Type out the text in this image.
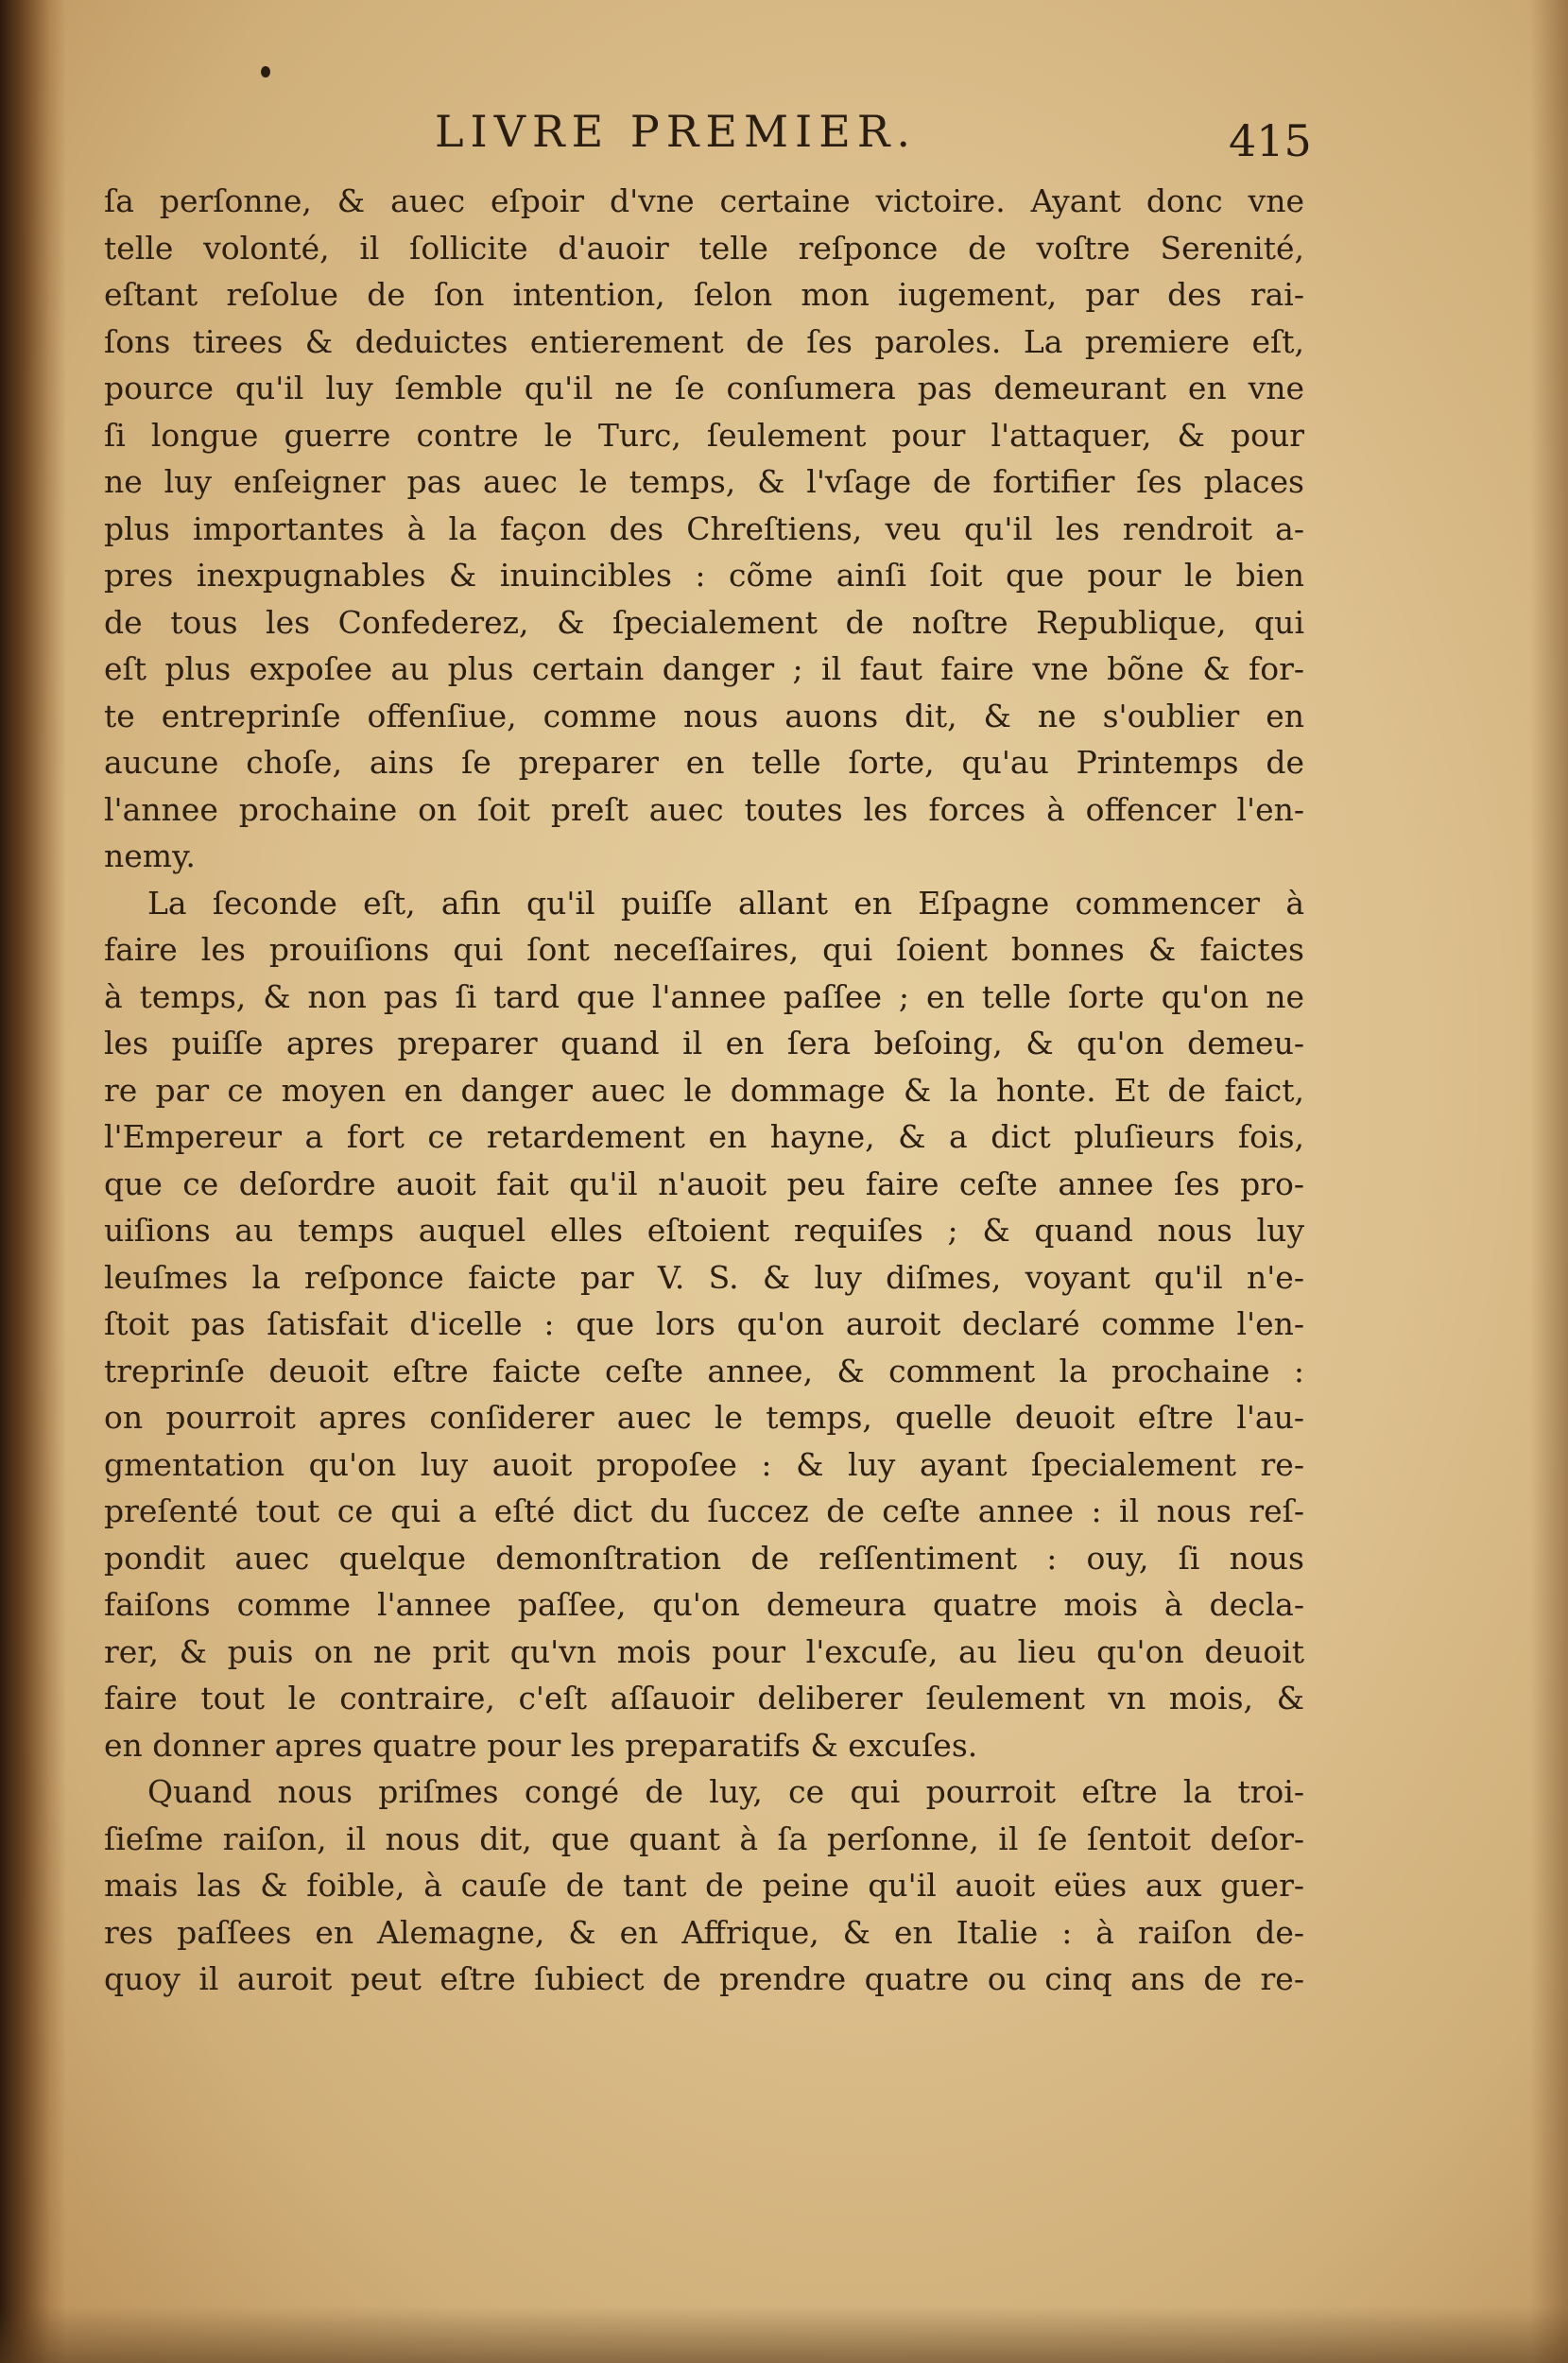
LIVRE PREMIER.	415
ſa perſonne, & auec eſpoir d'vne certaine victoire. Ayant donc vne
telle volonté, il ſollicite d'auoir telle reſponce de voſtre Serenité,
eſtant reſolue de ſon intention, ſelon mon iugement, par des rai-
ſons tirees & deduictes entierement de ſes paroles. La premiere eſt,
pource qu'il luy ſemble qu'il ne ſe conſumera pas demeurant en vne
ſi longue guerre contre le Turc, ſeulement pour l'attaquer, & pour
ne luy enſeigner pas auec le temps, & l'vſage de fortifier ſes places
plus importantes à la façon des Chreſtiens, veu qu'il les rendroit a-
pres inexpugnables & inuincibles : cõme ainſi ſoit que pour le bien
de tous les Confederez, & ſpecialement de noſtre Republique, qui
eſt plus expoſee au plus certain danger ; il faut faire vne bõne & for-
te entreprinſe offenſiue, comme nous auons dit, & ne s'oublier en
aucune choſe, ains ſe preparer en telle ſorte, qu'au Printemps de
l'annee prochaine on ſoit preſt auec toutes les forces à offencer l'en-
nemy.
La ſeconde eſt, afin qu'il puiſſe allant en Eſpagne commencer à
faire les prouiſions qui ſont neceſſaires, qui ſoient bonnes & faictes
à temps, & non pas ſi tard que l'annee paſſee ; en telle ſorte qu'on ne
les puiſſe apres preparer quand il en ſera beſoing, & qu'on demeu-
re par ce moyen en danger auec le dommage & la honte. Et de faict,
l'Empereur a fort ce retardement en hayne, & a dict pluſieurs fois,
que ce deſordre auoit fait qu'il n'auoit peu faire ceſte annee ſes pro-
uiſions au temps auquel elles eſtoient requiſes ; & quand nous luy
leuſmes la reſponce faicte par V. S. & luy diſmes, voyant qu'il n'e-
ſtoit pas ſatisfait d'icelle : que lors qu'on auroit declaré comme l'en-
treprinſe deuoit eſtre faicte ceſte annee, & comment la prochaine :
on pourroit apres conſiderer auec le temps, quelle deuoit eſtre l'au-
gmentation qu'on luy auoit propoſee : & luy ayant ſpecialement re-
preſenté tout ce qui a eſté dict du ſuccez de ceſte annee : il nous reſ-
pondit auec quelque demonſtration de reſſentiment : ouy, ſi nous
faiſons comme l'annee paſſee, qu'on demeura quatre mois à decla-
rer, & puis on ne prit qu'vn mois pour l'excuſe, au lieu qu'on deuoit
faire tout le contraire, c'eſt aſſauoir deliberer ſeulement vn mois, &
en donner apres quatre pour les preparatifs & excuſes.
Quand nous priſmes congé de luy, ce qui pourroit eſtre la troi-
ſieſme raiſon, il nous dit, que quant à ſa perſonne, il ſe ſentoit deſor-
mais las & foible, à cauſe de tant de peine qu'il auoit eües aux guer-
res paſſees en Alemagne, & en Affrique, & en Italie : à raiſon de-
quoy il auroit peut eſtre ſubiect de prendre quatre ou cinq ans de re-
